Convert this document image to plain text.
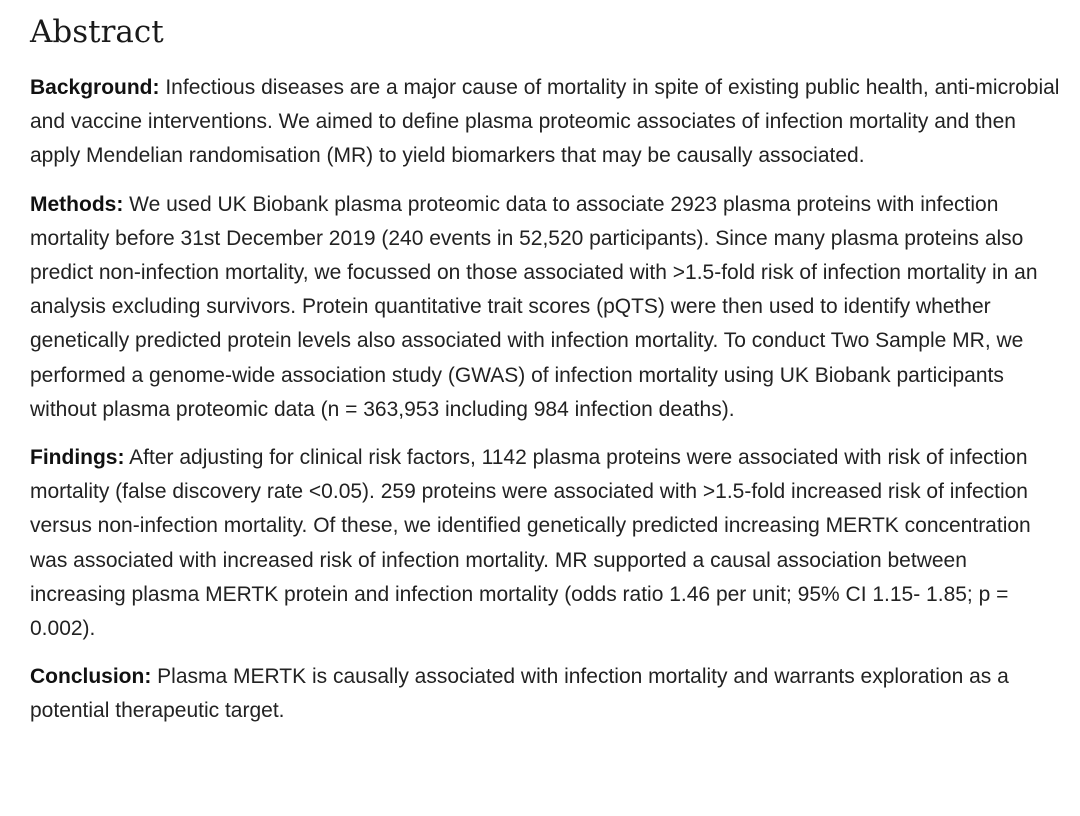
Abstract

Background: Infectious diseases are a major cause of mortality in spite of existing public health, anti-microbial and vaccine interventions. We aimed to define plasma proteomic associates of infection mortality and then apply Mendelian randomisation (MR) to yield biomarkers that may be causally associated.

Methods: We used UK Biobank plasma proteomic data to associate 2923 plasma proteins with infection mortality before 31st December 2019 (240 events in 52,520 participants). Since many plasma proteins also predict non-infection mortality, we focussed on those associated with >1.5-fold risk of infection mortality in an analysis excluding survivors. Protein quantitative trait scores (pQTS) were then used to identify whether genetically predicted protein levels also associated with infection mortality. To conduct Two Sample MR, we performed a genome-wide association study (GWAS) of infection mortality using UK Biobank participants without plasma proteomic data (n = 363,953 including 984 infection deaths).

Findings: After adjusting for clinical risk factors, 1142 plasma proteins were associated with risk of infection mortality (false discovery rate <0.05). 259 proteins were associated with >1.5-fold increased risk of infection versus non-infection mortality. Of these, we identified genetically predicted increasing MERTK concentration was associated with increased risk of infection mortality. MR supported a causal association between increasing plasma MERTK protein and infection mortality (odds ratio 1.46 per unit; 95% CI 1.15- 1.85; p = 0.002).

Conclusion: Plasma MERTK is causally associated with infection mortality and warrants exploration as a potential therapeutic target.
